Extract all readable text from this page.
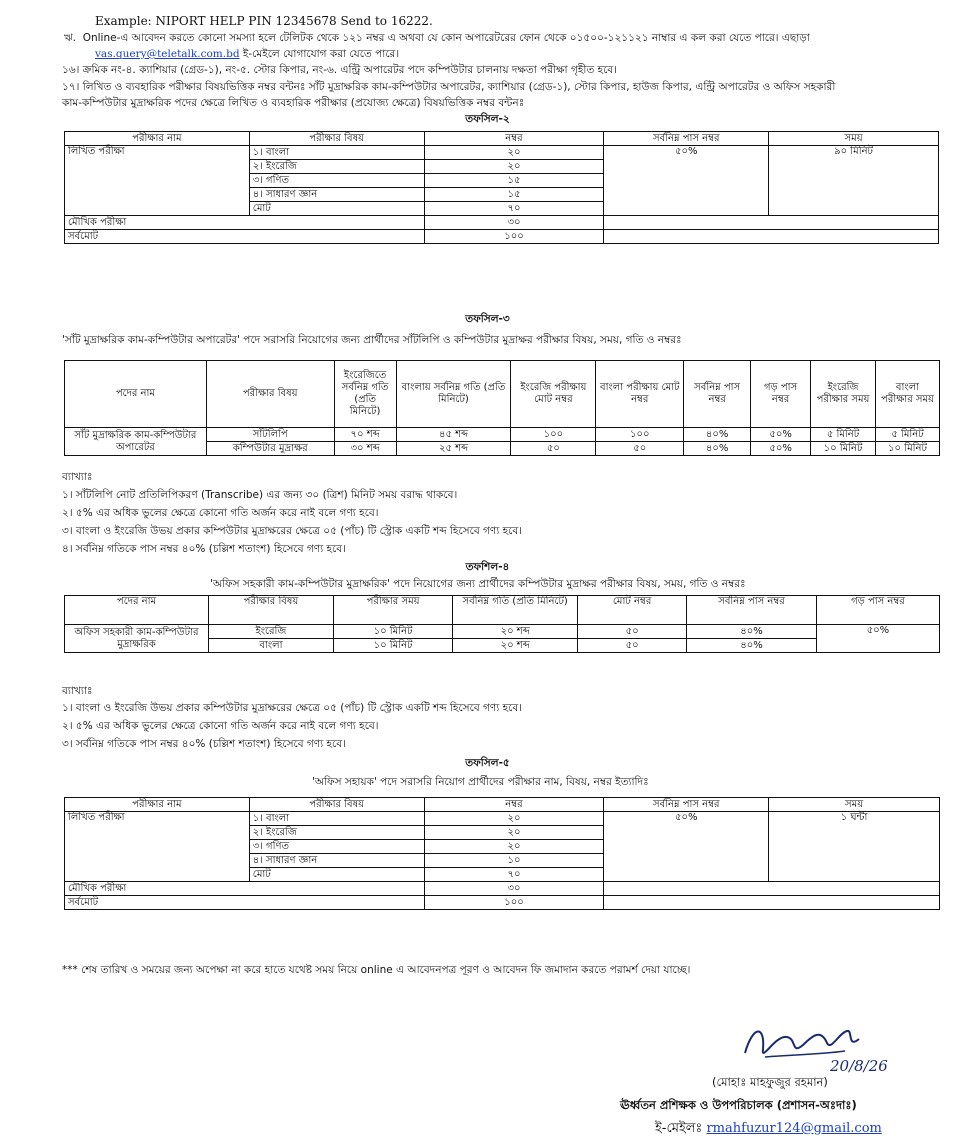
Example: NIPORT HELP PIN 12345678 Send to 16222.
ঋ. Online-এ আবেদন করতে কোনো সমস্যা হলে টেলিটক থেকে ১২১ নম্বর এ অথবা যে কোন অপারেটরের ফোন থেকে ০১৫০০-১২১১২১ নাম্বার এ কল করা যেতে পারে। এছাড়া
vas.query@teletalk.com.bd ই-মেইলে যোগাযোগ করা যেতে পারে।
১৬। ক্রমিক নং-৪. ক্যাশিয়ার (গ্রেড-১), নং-৫. স্টোর কিপার, নং-৬. এন্ট্রি অপারেটর পদে কম্পিউটার চালনায় দক্ষতা পরীক্ষা গৃহীত হবে।
১৭। লিখিত ও ব্যবহারিক পরীক্ষার বিষয়ভিত্তিক নম্বর বন্টনঃ সাঁট মুদ্রাক্ষরিক কাম-কম্পিউটার অপারেটর, ক্যাশিয়ার (গ্রেড-১), স্টোর কিপার, হাউজ কিপার, এন্ট্রি অপারেটর ও অফিস সহকারী
কাম-কম্পিউটার মুদ্রাক্ষরিক পদের ক্ষেত্রে লিখিত ও ব্যবহারিক পরীক্ষার (প্রযোজ্য ক্ষেত্রে) বিষয়ভিত্তিক নম্বর বন্টনঃ
তফসিল-২
পরীক্ষার নাম	পরীক্ষার বিষয়	নম্বর	সর্বনিম্ন পাস নম্বর	সময়
লিখিত পরীক্ষা	১। বাংলা	২০	৫০%	৯০ মিনিট
	২। ইংরেজি	২০		
	৩। গণিত	১৫		
	৪। সাধারণ জ্ঞান	১৫		
	মোট	৭০		
মৌখিক পরীক্ষা		৩০		
সর্বমোট		১০০		
তফসিল-৩
'সাঁট মুদ্রাক্ষরিক কাম-কম্পিউটার অপারেটর' পদে সরাসরি নিয়োগের জন্য প্রার্থীদের সাঁটলিপি ও কম্পিউটার মুদ্রাক্ষর পরীক্ষার বিষয়, সময়, গতি ও নম্বরঃ
পদের নাম	পরীক্ষার বিষয়	ইংরেজিতে সর্বনিম্ন গতি (প্রতি মিনিটে)	বাংলায় সর্বনিম্ন গতি (প্রতি মিনিটে)	ইংরেজি পরীক্ষায় মোট নম্বর	বাংলা পরীক্ষায় মোট নম্বর	সর্বনিম্ন পাস নম্বর	গড় পাস নম্বর	ইংরেজি পরীক্ষার সময়	বাংলা পরীক্ষার সময়
সাঁট মুদ্রাক্ষরিক কাম-কম্পিউটার অপারেটর	সাঁটলিপি	৭০ শব্দ	৪৫ শব্দ	১০০	১০০	৪০%	৫০%	৫ মিনিট	৫ মিনিট
	কম্পিউটার মুদ্রাক্ষর	৩০ শব্দ	২৫ শব্দ	৫০	৫০	৪০%	৫০%	১০ মিনিট	১০ মিনিট
ব্যাখ্যাঃ
১। সাঁটলিপি নোট প্রতিলিপিকরণ (Transcribe) এর জন্য ৩০ (ত্রিশ) মিনিট সময় বরাদ্ধ থাকবে।
২। ৫% এর অধিক ভুলের ক্ষেত্রে কোনো গতি অর্জন করে নাই বলে গণ্য হবে।
৩। বাংলা ও ইংরেজি উভয় প্রকার কম্পিউটার মুদ্রাক্ষরের ক্ষেত্রে ০৫ (পাঁচ) টি স্ট্রোক একটি শব্দ হিসেবে গণ্য হবে।
৪। সর্বনিম্ন গতিকে পাস নম্বর ৪০% (চল্লিশ শতাংশ) হিসেবে গণ্য হবে।
তফশিল-৪
'অফিস সহকারী কাম-কম্পিউটার মুদ্রাক্ষরিক' পদে নিয়োগের জন্য প্রার্থীদের কম্পিউটার মুদ্রাক্ষর পরীক্ষার বিষয়, সময়, গতি ও নম্বরঃ
পদের নাম	পরীক্ষার বিষয়	পরীক্ষার সময়	সর্বনিম্ন গতি (প্রতি মিনিটে)	মোট নম্বর	সর্বনিম্ন পাস নম্বর	গড় পাস নম্বর
অফিস সহকারী কাম-কম্পিউটার মুদ্রাক্ষরিক	ইংরেজি	১০ মিনিট	২০ শব্দ	৫০	৪০%	৫০%
	বাংলা	১০ মিনিট	২০ শব্দ	৫০	৪০%	
ব্যাখ্যাঃ
১। বাংলা ও ইংরেজি উভয় প্রকার কম্পিউটার মুদ্রাক্ষরের ক্ষেত্রে ০৫ (পাঁচ) টি স্ট্রোক একটি শব্দ হিসেবে গণ্য হবে।
২। ৫% এর অধিক ভুলের ক্ষেত্রে কোনো গতি অর্জন করে নাই বলে গণ্য হবে।
৩। সর্বনিম্ন গতিকে পাস নম্বর ৪০% (চল্লিশ শতাংশ) হিসেবে গণ্য হবে।
তফসিল-৫
'অফিস সহায়ক' পদে সরাসরি নিয়োগ প্রার্থীদের পরীক্ষার নাম, বিষয়, নম্বর ইত্যাদিঃ
পরীক্ষার নাম	পরীক্ষার বিষয়	নম্বর	সর্বনিম্ন পাস নম্বর	সময়
লিখিত পরীক্ষা	১। বাংলা	২০	৫০%	১ ঘন্টা
	২। ইংরেজি	২০		
	৩। গণিত	২০		
	৪। সাধারণ জ্ঞান	১০		
	মোট	৭০		
মৌখিক পরীক্ষা		৩০		
সর্বমোট		১০০		
*** শেষ তারিখ ও সময়ের জন্য অপেক্ষা না করে হাতে যথেষ্ট সময় নিয়ে online এ আবেদনপত্র পূরণ ও আবেদন ফি জমাদান করতে পরামর্শ দেয়া যাচ্ছে।
20/8/26
(মোহাঃ মাহফুজুর রহমান)
ঊর্ধ্বতন প্রশিক্ষক ও উপপরিচালক (প্রশাসন-অঃদাঃ)
ই-মেইলঃ rmahfuzur124@gmail.com
